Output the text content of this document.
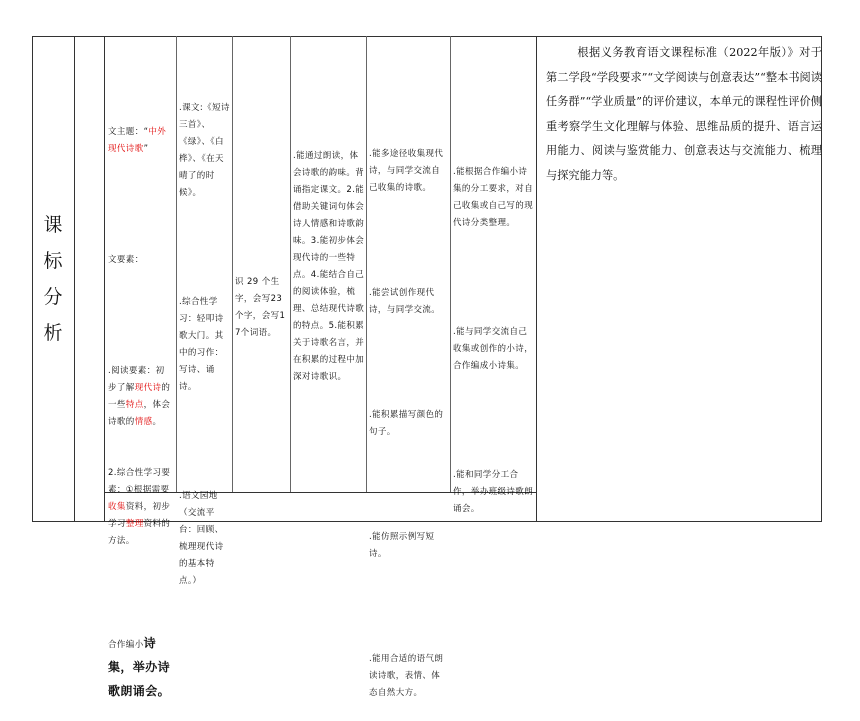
课
标
分
析

文主题：“中外现代诗歌”

文要素：

.阅读要素：初步了解现代诗的一些特点，体会诗歌的情感。

2.综合性学习要素：①根据需要收集资料，初步学习整理资料的方法。

合作编小诗集，举办诗歌朗诵会。

.课文:《短诗三首》、《绿》、《白桦》、《在天晴了的时候》。

.综合性学习：轻叩诗歌大门。其中的习作：写诗、诵诗。

.语文园地（交流平台：回顾、梳理现代诗的基本特点。）

识 29 个生字，会写23个字，会写17个词语。

.能通过朗读，体会诗歌的韵味。背诵指定课文。2.能借助关键词句体会诗人情感和诗歌韵味。3.能初步体会现代诗的一些特点。4.能结合自己的阅读体验，梳理、总结现代诗歌的特点。5.能积累关于诗歌名言，并在积累的过程中加深对诗歌识。

.能多途径收集现代诗，与同学交流自己收集的诗歌。

.能尝试创作现代诗，与同学交流。

.能积累描写颜色的句子。

.能仿照示例写短诗。

.能用合适的语气朗读诗歌，表情、体态自然大方。

.能根据合作编小诗集的分工要求，对自己收集或自己写的现代诗分类整理。

.能与同学交流自己收集或创作的小诗，合作编成小诗集。

.能和同学分工合作，举办班级诗歌朗诵会。

根据义务教育语文课程标准（2022年版）》对于第二学段“学段要求”“文学阅读与创意表达”“整本书阅读任务群”“学业质量”的评价建议，本单元的课程性评价侧重考察学生文化理解与体验、思维品质的提升、语言运用能力、阅读与鉴赏能力、创意表达与交流能力、梳理与探究能力等。
